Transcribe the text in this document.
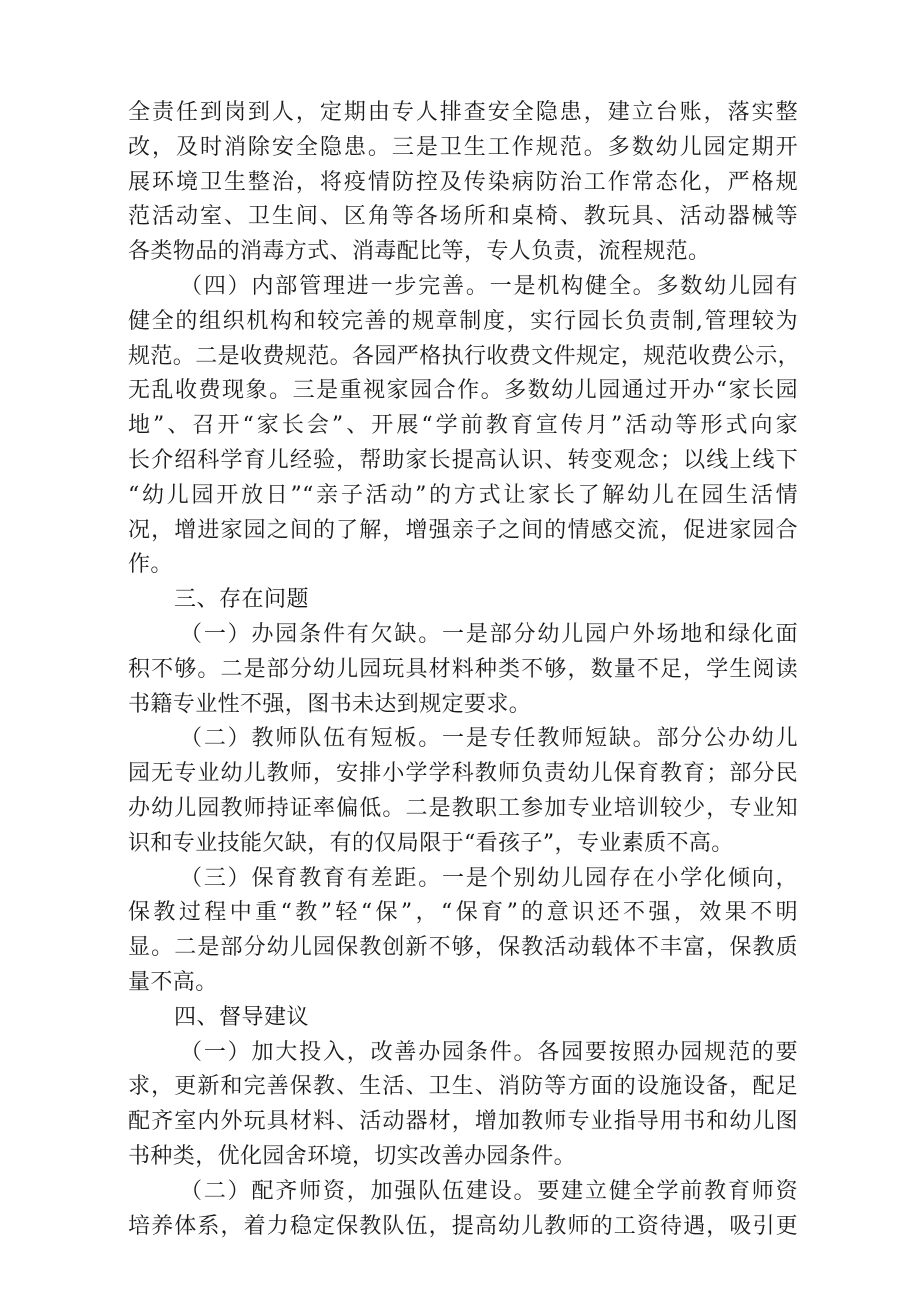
全责任到岗到人，定期由专人排查安全隐患，建立台账，落实整
改，及时消除安全隐患。三是卫生工作规范。多数幼儿园定期开
展环境卫生整治，将疫情防控及传染病防治工作常态化，严格规
范活动室、卫生间、区角等各场所和桌椅、教玩具、活动器械等
各类物品的消毒方式、消毒配比等，专人负责，流程规范。
（四）内部管理进一步完善。一是机构健全。多数幼儿园有
健全的组织机构和较完善的规章制度，实行园长负责制,管理较为
规范。二是收费规范。各园严格执行收费文件规定，规范收费公示，
无乱收费现象。三是重视家园合作。多数幼儿园通过开办“家长园
地”、召开“家长会”、开展“学前教育宣传月”活动等形式向家
长介绍科学育儿经验，帮助家长提高认识、转变观念；以线上线下
“幼儿园开放日”“亲子活动”的方式让家长了解幼儿在园生活情
况，增进家园之间的了解，增强亲子之间的情感交流，促进家园合
作。
三、存在问题
（一）办园条件有欠缺。一是部分幼儿园户外场地和绿化面
积不够。二是部分幼儿园玩具材料种类不够，数量不足，学生阅读
书籍专业性不强，图书未达到规定要求。
（二）教师队伍有短板。一是专任教师短缺。部分公办幼儿
园无专业幼儿教师，安排小学学科教师负责幼儿保育教育；部分民
办幼儿园教师持证率偏低。二是教职工参加专业培训较少，专业知
识和专业技能欠缺，有的仅局限于“看孩子”，专业素质不高。
（三）保育教育有差距。一是个别幼儿园存在小学化倾向，
保教过程中重“教”轻“保”，“保育”的意识还不强，效果不明
显。二是部分幼儿园保教创新不够，保教活动载体不丰富，保教质
量不高。
四、督导建议
（一）加大投入，改善办园条件。各园要按照办园规范的要
求，更新和完善保教、生活、卫生、消防等方面的设施设备，配足
配齐室内外玩具材料、活动器材，增加教师专业指导用书和幼儿图
书种类，优化园舍环境，切实改善办园条件。
（二）配齐师资，加强队伍建设。要建立健全学前教育师资
培养体系，着力稳定保教队伍，提高幼儿教师的工资待遇，吸引更
